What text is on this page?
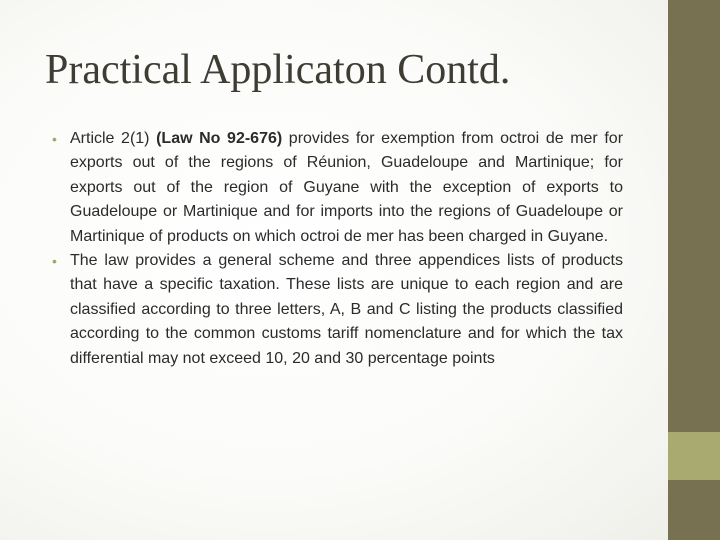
Practical Applicaton Contd.
• Article 2(1) (Law No 92-676) provides for exemption from octroi de mer for exports out of the regions of Réunion, Guadeloupe and Martinique; for exports out of the region of Guyane with the exception of exports to Guadeloupe or Martinique and for imports into the regions of Guadeloupe or Martinique of products on which octroi de mer has been charged in Guyane.
• The law provides a general scheme and three appendices lists of products that have a specific taxation. These lists are unique to each region and are classified according to three letters, A, B and C listing the products classified according to the common customs tariff nomenclature and for which the tax differential may not exceed 10, 20 and 30 percentage points
